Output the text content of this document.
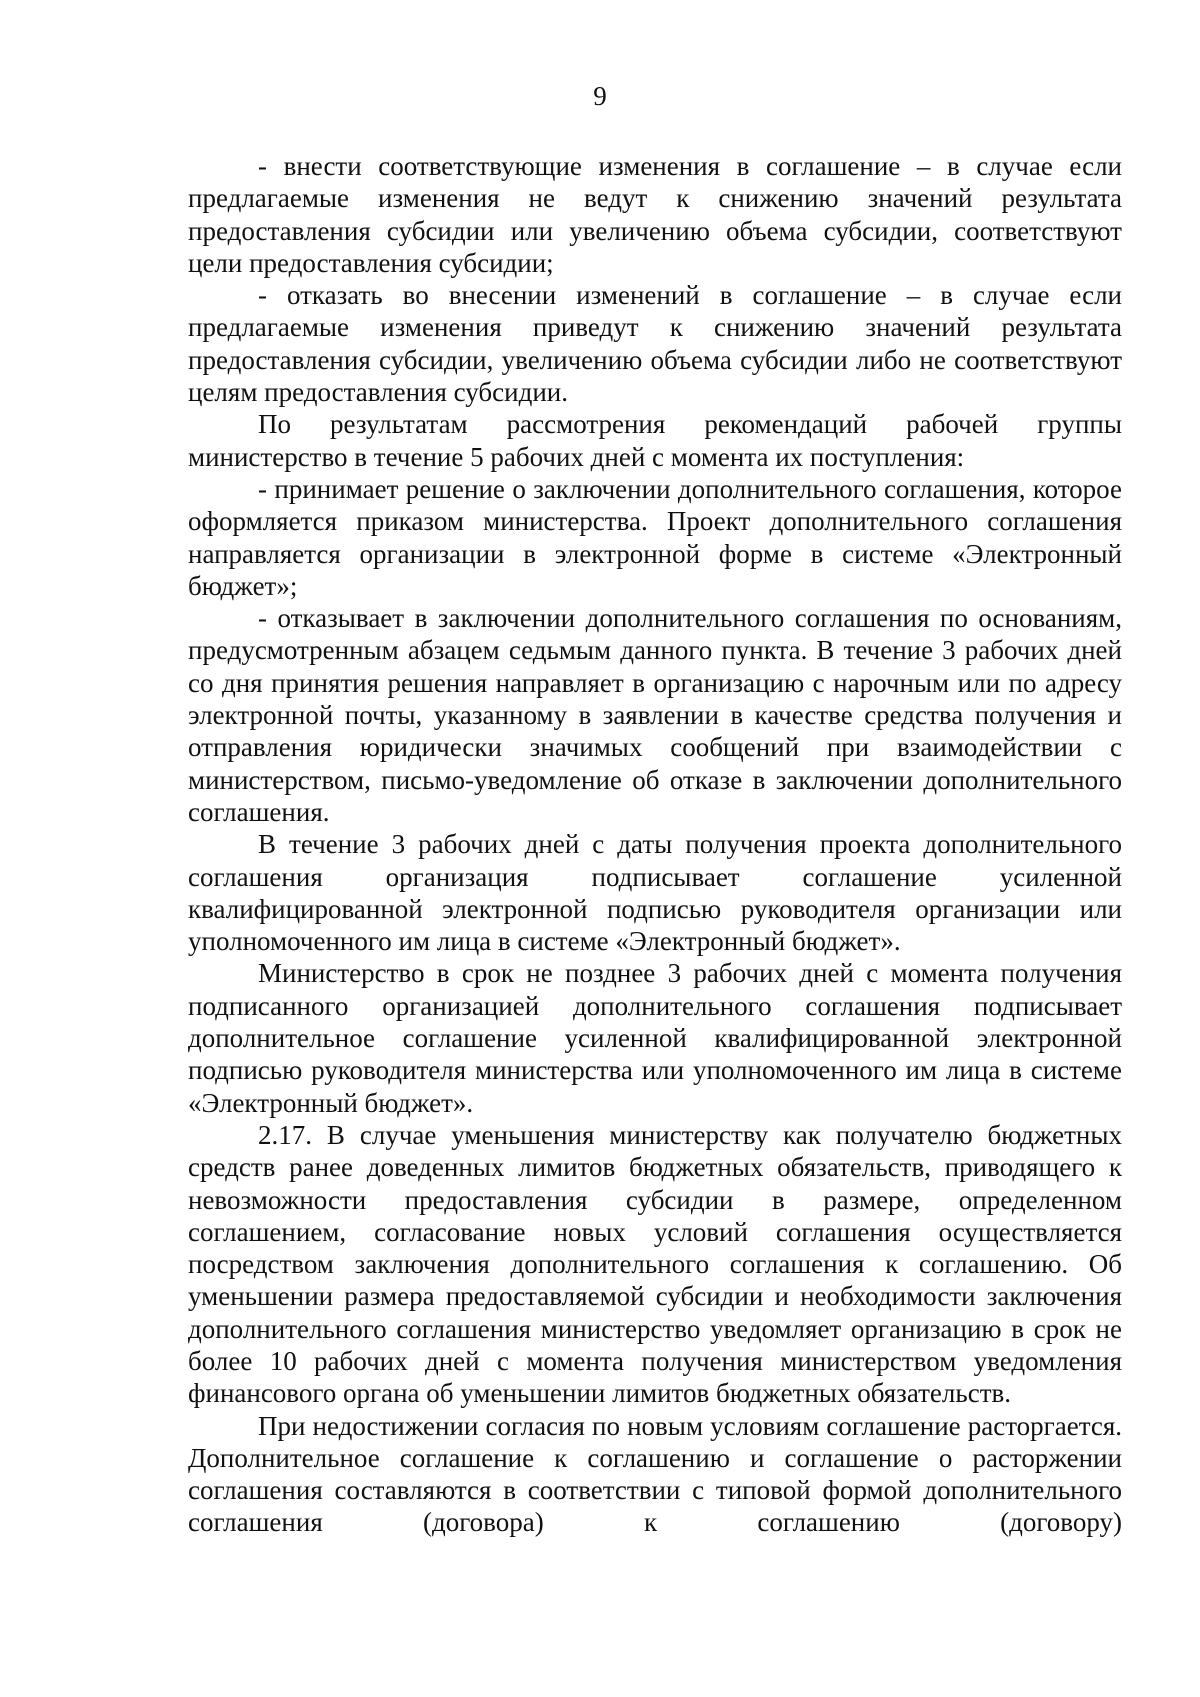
9

- внести соответствующие изменения в соглашение – в случае если предлагаемые изменения не ведут к снижению значений результата предоставления субсидии или увеличению объема субсидии, соответствуют цели предоставления субсидии;

- отказать во внесении изменений в соглашение – в случае если предлагаемые изменения приведут к снижению значений результата предоставления субсидии, увеличению объема субсидии либо не соответствуют целям предоставления субсидии.

По результатам рассмотрения рекомендаций рабочей группы министерство в течение 5 рабочих дней с момента их поступления:

- принимает решение о заключении дополнительного соглашения, которое оформляется приказом министерства. Проект дополнительного соглашения направляется организации в электронной форме в системе «Электронный бюджет»;

- отказывает в заключении дополнительного соглашения по основаниям, предусмотренным абзацем седьмым данного пункта. В течение 3 рабочих дней со дня принятия решения направляет в организацию с нарочным или по адресу электронной почты, указанному в заявлении в качестве средства получения и отправления юридически значимых сообщений при взаимодействии с министерством, письмо-уведомление об отказе в заключении дополнительного соглашения.

В течение 3 рабочих дней с даты получения проекта дополнительного соглашения организация подписывает соглашение усиленной квалифицированной электронной подписью руководителя организации или уполномоченного им лица в системе «Электронный бюджет».

Министерство в срок не позднее 3 рабочих дней с момента получения подписанного организацией дополнительного соглашения подписывает дополнительное соглашение усиленной квалифицированной электронной подписью руководителя министерства или уполномоченного им лица в системе «Электронный бюджет».

2.17. В случае уменьшения министерству как получателю бюджетных средств ранее доведенных лимитов бюджетных обязательств, приводящего к невозможности предоставления субсидии в размере, определенном соглашением, согласование новых условий соглашения осуществляется посредством заключения дополнительного соглашения к соглашению. Об уменьшении размера предоставляемой субсидии и необходимости заключения дополнительного соглашения министерство уведомляет организацию в срок не более 10 рабочих дней с момента получения министерством уведомления финансового органа об уменьшении лимитов бюджетных обязательств.

При недостижении согласия по новым условиям соглашение расторгается. Дополнительное соглашение к соглашению и соглашение о расторжении соглашения составляются в соответствии с типовой формой дополнительного соглашения (договора) к соглашению (договору)
